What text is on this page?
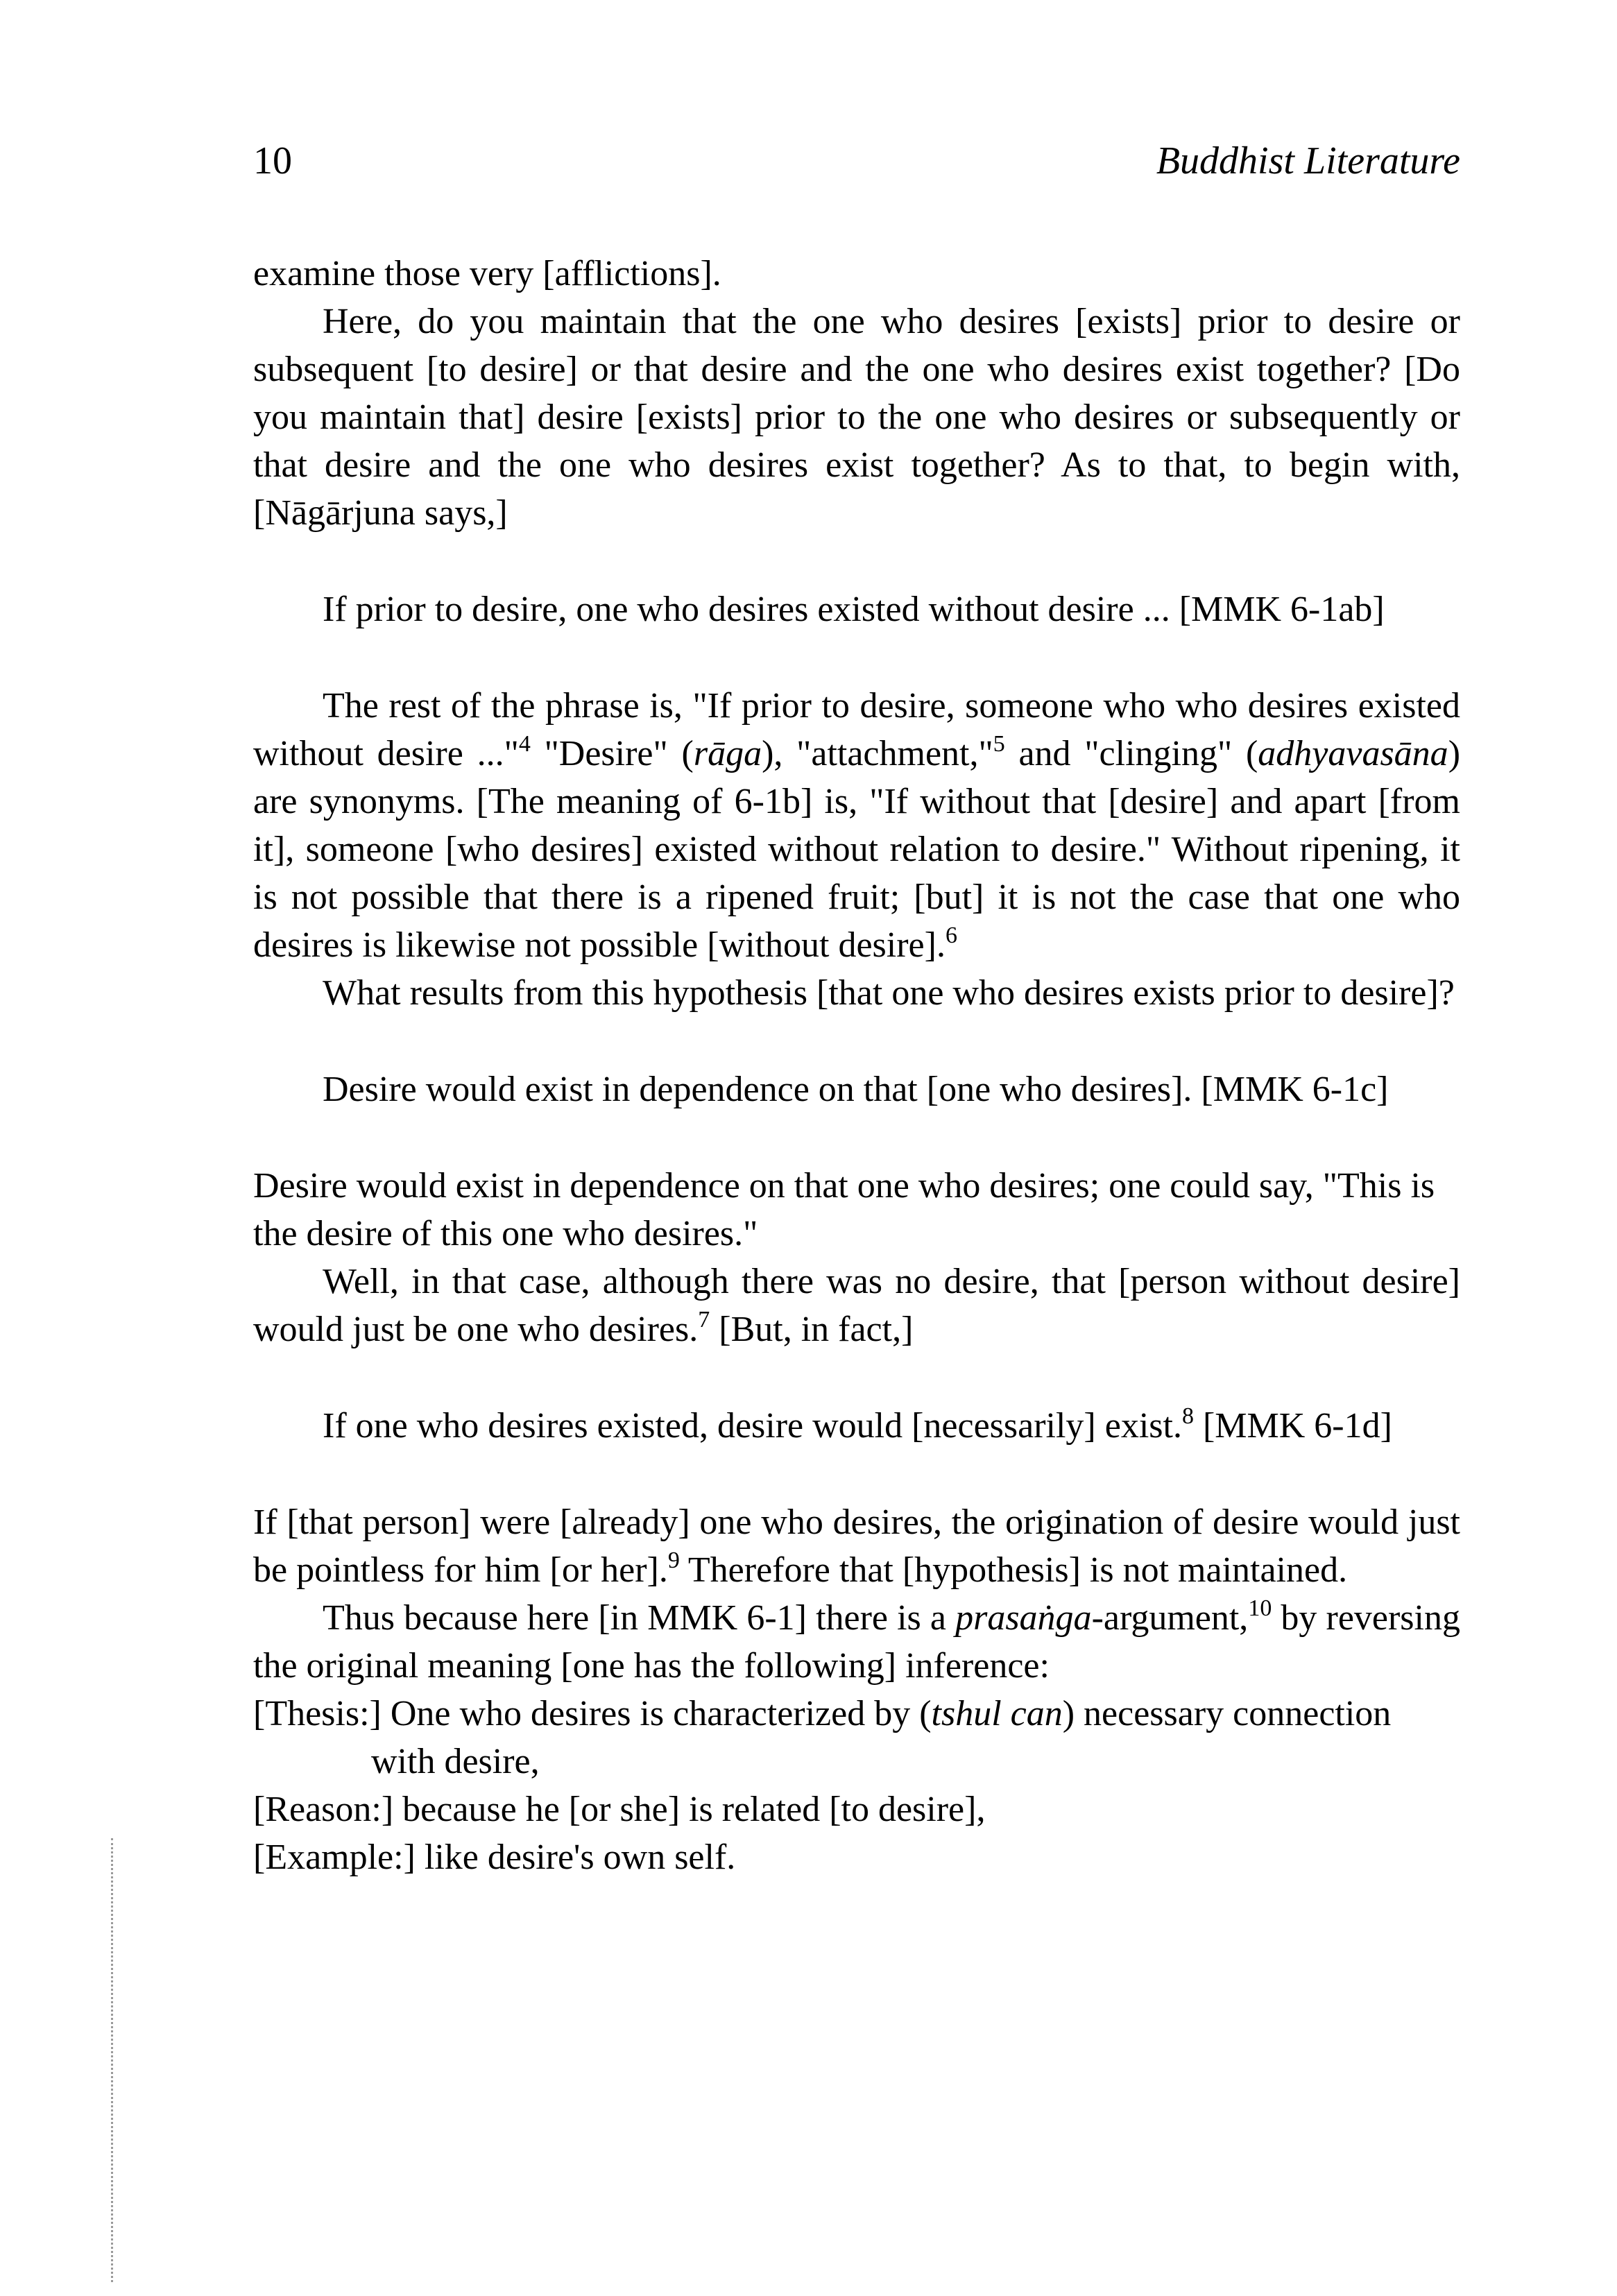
10	Buddhist Literature

examine those very [afflictions].

Here, do you maintain that the one who desires [exists] prior to desire or subsequent [to desire] or that desire and the one who desires exist together? [Do you maintain that] desire [exists] prior to the one who desires or subsequently or that desire and the one who desires exist together? As to that, to begin with, [Nāgārjuna says,]

If prior to desire, one who desires existed without desire ... [MMK 6-1ab]

The rest of the phrase is, "If prior to desire, someone who who desires existed without desire ..."$^4$ "Desire" (rāga), "attachment,"$^5$ and "clinging" (adhyavasāna) are synonyms. [The meaning of 6-1b] is, "If without that [desire] and apart [from it], someone [who desires] existed without relation to desire." Without ripening, it is not possible that there is a ripened fruit; [but] it is not the case that one who desires is likewise not possible [without desire].$^6$

What results from this hypothesis [that one who desires exists prior to desire]?

Desire would exist in dependence on that [one who desires]. [MMK 6-1c]

Desire would exist in dependence on that one who desires; one could say, "This is the desire of this one who desires."

Well, in that case, although there was no desire, that [person without desire] would just be one who desires.$^7$ [But, in fact,]

If one who desires existed, desire would [necessarily] exist.$^8$ [MMK 6-1d]

If [that person] were [already] one who desires, the origination of desire would just be pointless for him [or her].$^9$ Therefore that [hypothesis] is not maintained.

Thus because here [in MMK 6-1] there is a prasaṅga-argument,$^{10}$ by reversing the original meaning [one has the following] inference:

[Thesis:] One who desires is characterized by (tshul can) necessary connection with desire,

[Reason:] because he [or she] is related [to desire],

[Example:] like desire's own self.
